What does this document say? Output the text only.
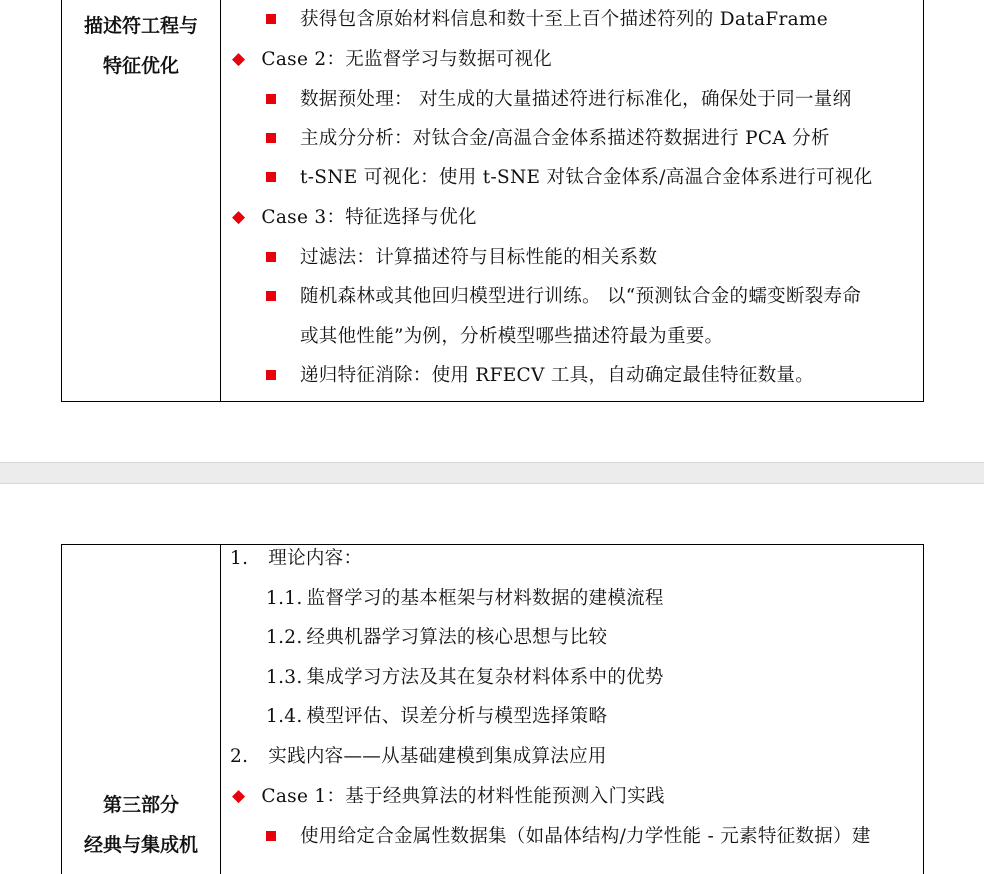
描述符工程与
特征优化
获得包含原始材料信息和数十至上百个描述符列的 DataFrame
◆ Case 2：无监督学习与数据可视化
数据预处理： 对生成的大量描述符进行标准化，确保处于同一量纲
主成分分析：对钛合金/高温合金体系描述符数据进行 PCA 分析
t-SNE 可视化：使用 t-SNE 对钛合金体系/高温合金体系进行可视化
◆ Case 3：特征选择与优化
过滤法：计算描述符与目标性能的相关系数
随机森林或其他回归模型进行训练。 以“预测钛合金的蠕变断裂寿命
或其他性能”为例，分析模型哪些描述符最为重要。
递归特征消除：使用 RFECV 工具，自动确定最佳特征数量。
第三部分
经典与集成机
1. 理论内容：
1.1. 监督学习的基本框架与材料数据的建模流程
1.2. 经典机器学习算法的核心思想与比较
1.3. 集成学习方法及其在复杂材料体系中的优势
1.4. 模型评估、误差分析与模型选择策略
2. 实践内容——从基础建模到集成算法应用
◆ Case 1：基于经典算法的材料性能预测入门实践
使用给定合金属性数据集（如晶体结构/力学性能 - 元素特征数据）建
